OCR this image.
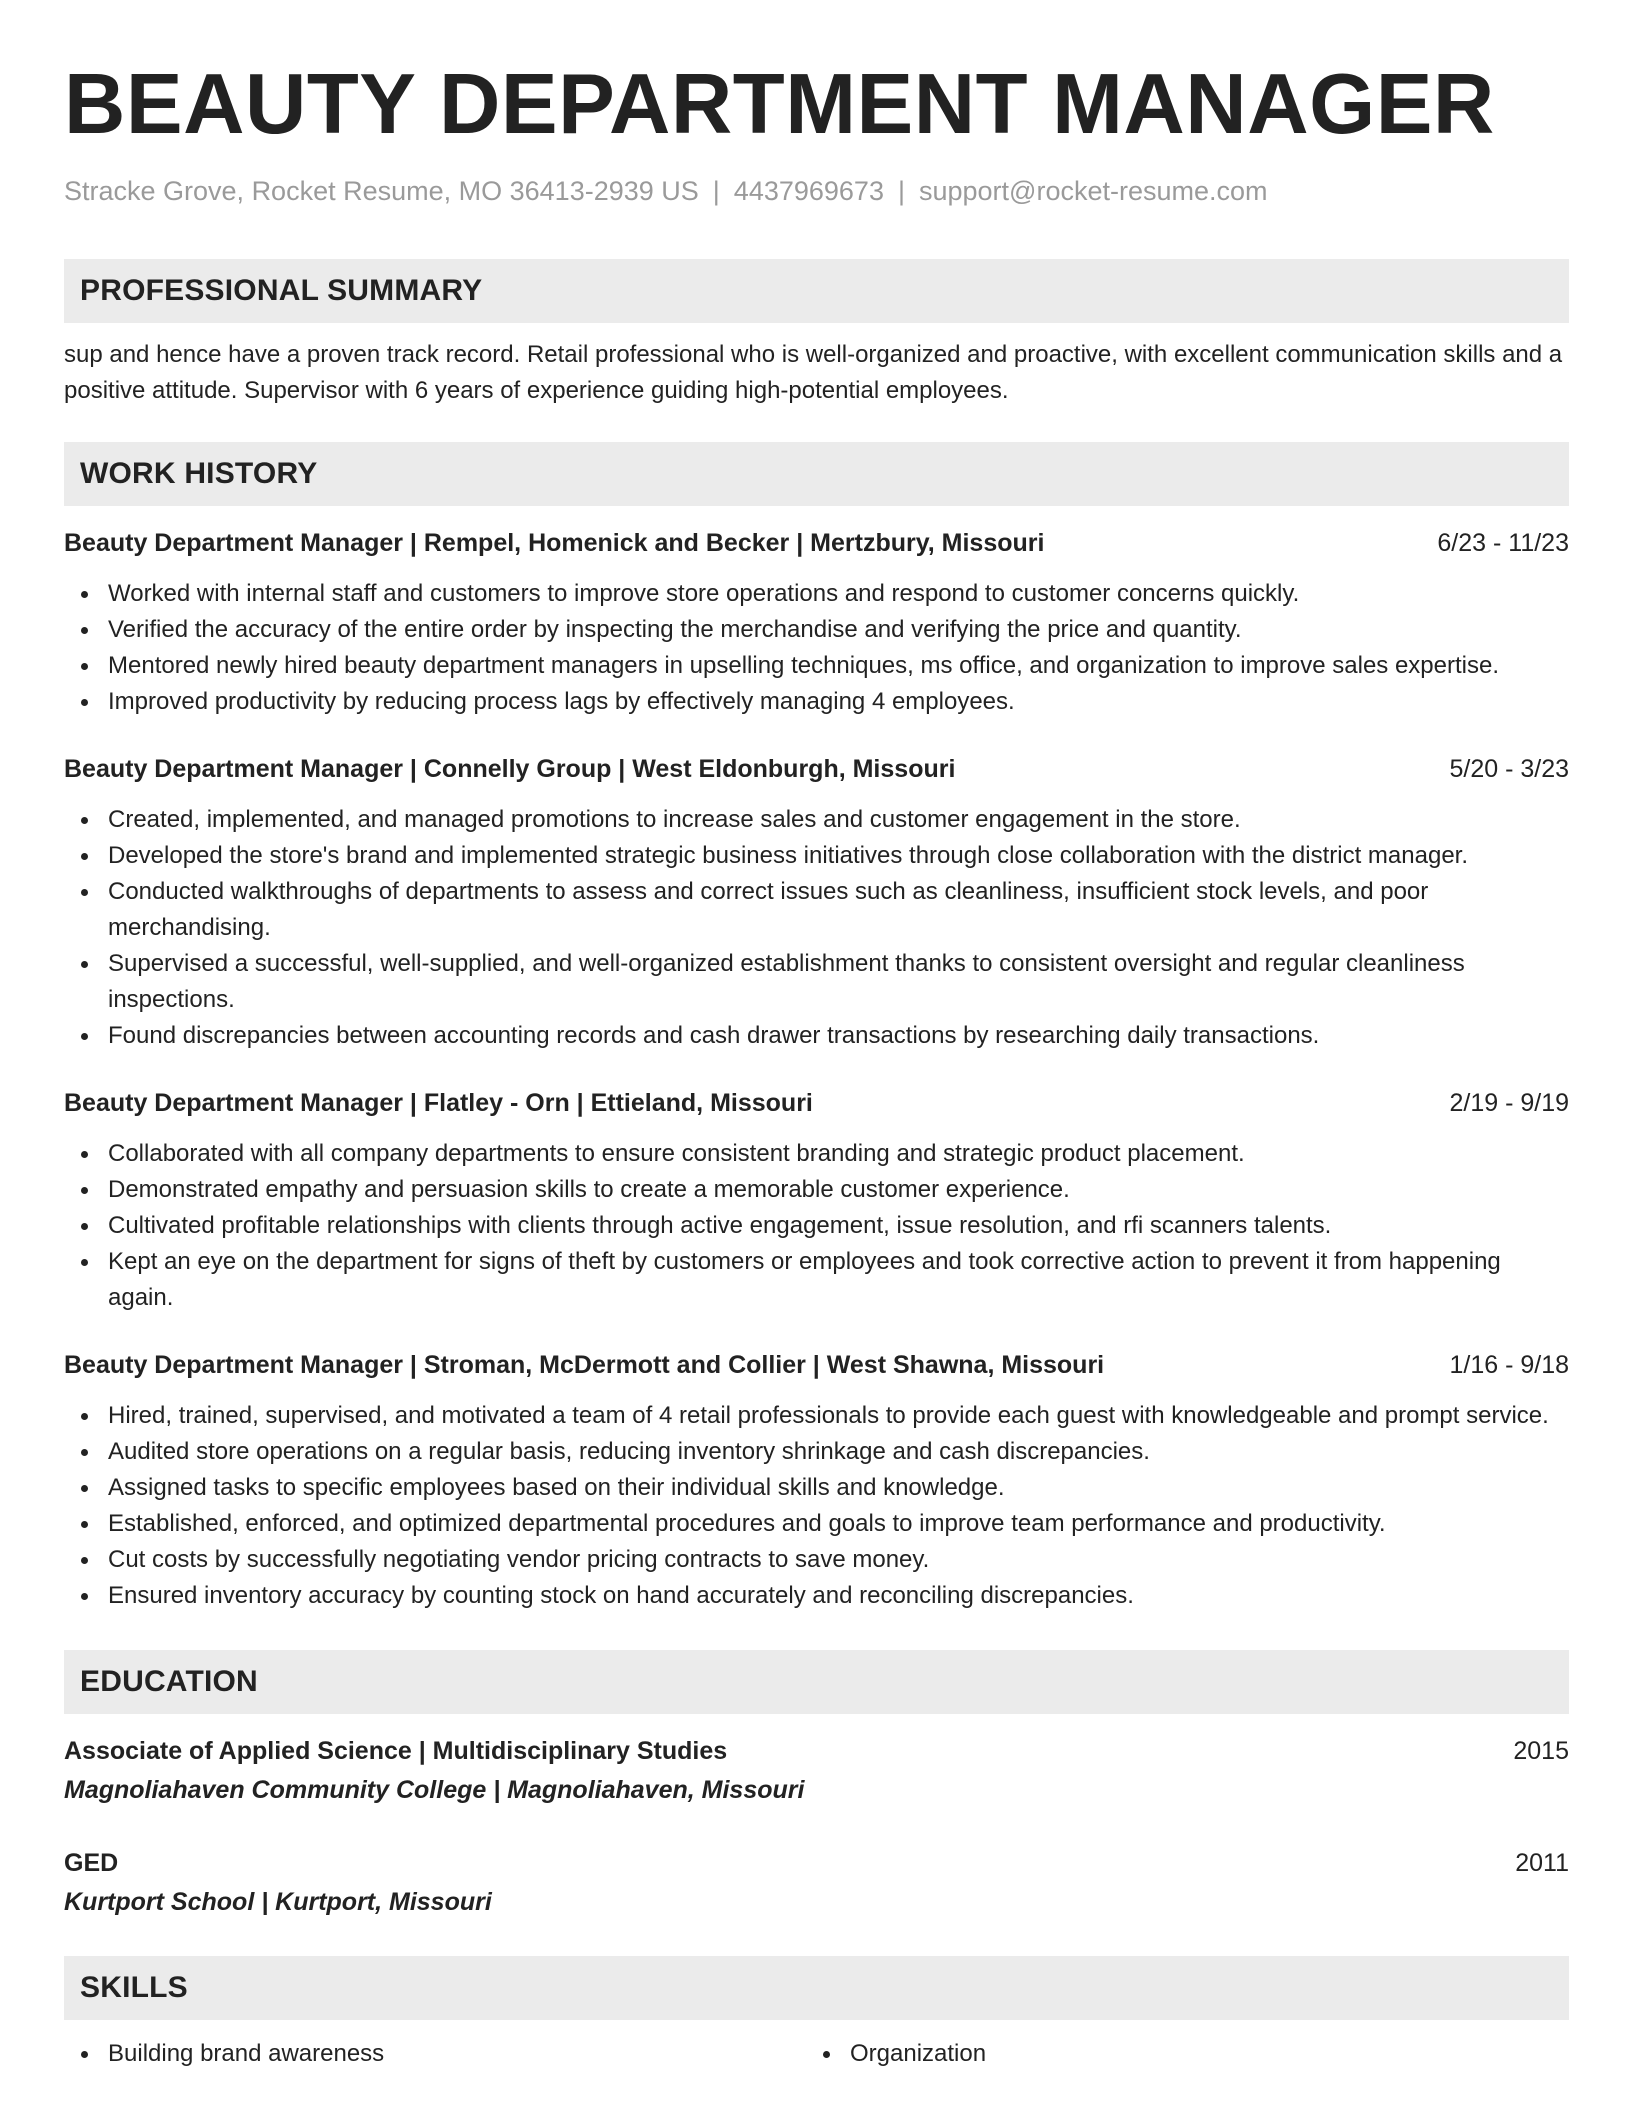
BEAUTY DEPARTMENT MANAGER
Stracke Grove, Rocket Resume, MO 36413-2939 US | 4437969673 | support@rocket-resume.com
PROFESSIONAL SUMMARY
sup and hence have a proven track record. Retail professional who is well-organized and proactive, with excellent communication skills and a positive attitude. Supervisor with 6 years of experience guiding high-potential employees.
WORK HISTORY
Beauty Department Manager | Rempel, Homenick and Becker | Mertzbury, Missouri	6/23 - 11/23
Worked with internal staff and customers to improve store operations and respond to customer concerns quickly.
Verified the accuracy of the entire order by inspecting the merchandise and verifying the price and quantity.
Mentored newly hired beauty department managers in upselling techniques, ms office, and organization to improve sales expertise.
Improved productivity by reducing process lags by effectively managing 4 employees.
Beauty Department Manager | Connelly Group | West Eldonburgh, Missouri	5/20 - 3/23
Created, implemented, and managed promotions to increase sales and customer engagement in the store.
Developed the store's brand and implemented strategic business initiatives through close collaboration with the district manager.
Conducted walkthroughs of departments to assess and correct issues such as cleanliness, insufficient stock levels, and poor merchandising.
Supervised a successful, well-supplied, and well-organized establishment thanks to consistent oversight and regular cleanliness inspections.
Found discrepancies between accounting records and cash drawer transactions by researching daily transactions.
Beauty Department Manager | Flatley - Orn | Ettieland, Missouri	2/19 - 9/19
Collaborated with all company departments to ensure consistent branding and strategic product placement.
Demonstrated empathy and persuasion skills to create a memorable customer experience.
Cultivated profitable relationships with clients through active engagement, issue resolution, and rfi scanners talents.
Kept an eye on the department for signs of theft by customers or employees and took corrective action to prevent it from happening again.
Beauty Department Manager | Stroman, McDermott and Collier | West Shawna, Missouri	1/16 - 9/18
Hired, trained, supervised, and motivated a team of 4 retail professionals to provide each guest with knowledgeable and prompt service.
Audited store operations on a regular basis, reducing inventory shrinkage and cash discrepancies.
Assigned tasks to specific employees based on their individual skills and knowledge.
Established, enforced, and optimized departmental procedures and goals to improve team performance and productivity.
Cut costs by successfully negotiating vendor pricing contracts to save money.
Ensured inventory accuracy by counting stock on hand accurately and reconciling discrepancies.
EDUCATION
Associate of Applied Science | Multidisciplinary Studies	2015
Magnoliahaven Community College | Magnoliahaven, Missouri
GED	2011
Kurtport School | Kurtport, Missouri
SKILLS
Building brand awareness	Organization
